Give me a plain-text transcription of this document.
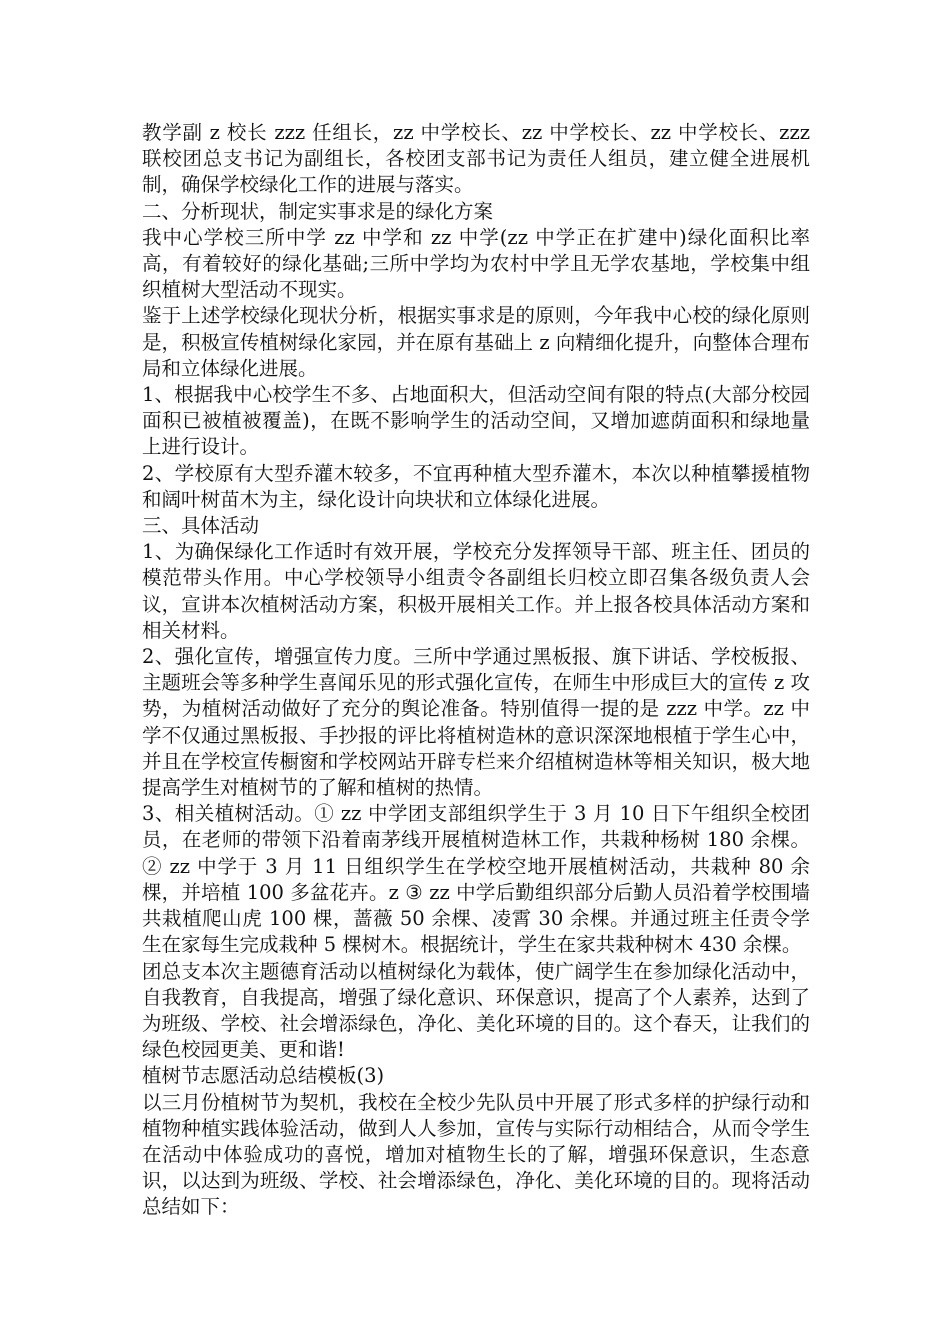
教学副 z 校长 zzz 任组长，zz 中学校长、zz 中学校长、zz 中学校长、zzz 联校团总支书记为副组长，各校团支部书记为责任人组员，建立健全进展机制，确保学校绿化工作的进展与落实。

二、分析现状，制定实事求是的绿化方案

我中心学校三所中学 zz 中学和 zz 中学(zz 中学正在扩建中)绿化面积比率高，有着较好的绿化基础;三所中学均为农村中学且无学农基地，学校集中组织植树大型活动不现实。

鉴于上述学校绿化现状分析，根据实事求是的原则，今年我中心校的绿化原则是，积极宣传植树绿化家园，并在原有基础上 z 向精细化提升，向整体合理布局和立体绿化进展。

1、根据我中心校学生不多、占地面积大，但活动空间有限的特点(大部分校园面积已被植被覆盖)，在既不影响学生的活动空间，又增加遮荫面积和绿地量上进行设计。

2、学校原有大型乔灌木较多，不宜再种植大型乔灌木，本次以种植攀援植物和阔叶树苗木为主，绿化设计向块状和立体绿化进展。

三、具体活动

1、为确保绿化工作适时有效开展，学校充分发挥领导干部、班主任、团员的模范带头作用。中心学校领导小组责令各副组长归校立即召集各级负责人会议，宣讲本次植树活动方案，积极开展相关工作。并上报各校具体活动方案和相关材料。

2、强化宣传，增强宣传力度。三所中学通过黑板报、旗下讲话、学校板报、主题班会等多种学生喜闻乐见的形式强化宣传，在师生中形成巨大的宣传 z 攻势，为植树活动做好了充分的舆论准备。特别值得一提的是 zzz 中学。zz 中学不仅通过黑板报、手抄报的评比将植树造林的意识深深地根植于学生心中，并且在学校宣传橱窗和学校网站开辟专栏来介绍植树造林等相关知识，极大地提高学生对植树节的了解和植树的热情。

3、相关植树活动。① zz 中学团支部组织学生于 3 月 10 日下午组织全校团员，在老师的带领下沿着南茅线开展植树造林工作，共栽种杨树 180 余棵。② zz 中学于 3 月 11 日组织学生在学校空地开展植树活动，共栽种 80 余棵，并培植 100 多盆花卉。z ③ zz 中学后勤组织部分后勤人员沿着学校围墙共栽植爬山虎 100 棵，蔷薇 50 余棵、凌霄 30 余棵。并通过班主任责令学生在家每生完成栽种 5 棵树木。根据统计，学生在家共栽种树木 430 余棵。

团总支本次主题德育活动以植树绿化为载体，使广阔学生在参加绿化活动中，自我教育，自我提高，增强了绿化意识、环保意识，提高了个人素养，达到了为班级、学校、社会增添绿色，净化、美化环境的目的。这个春天，让我们的绿色校园更美、更和谐!

植树节志愿活动总结模板(3)

以三月份植树节为契机，我校在全校少先队员中开展了形式多样的护绿行动和植物种植实践体验活动，做到人人参加，宣传与实际行动相结合，从而令学生在活动中体验成功的喜悦，增加对植物生长的了解，增强环保意识，生态意识，以达到为班级、学校、社会增添绿色，净化、美化环境的目的。现将活动总结如下：
